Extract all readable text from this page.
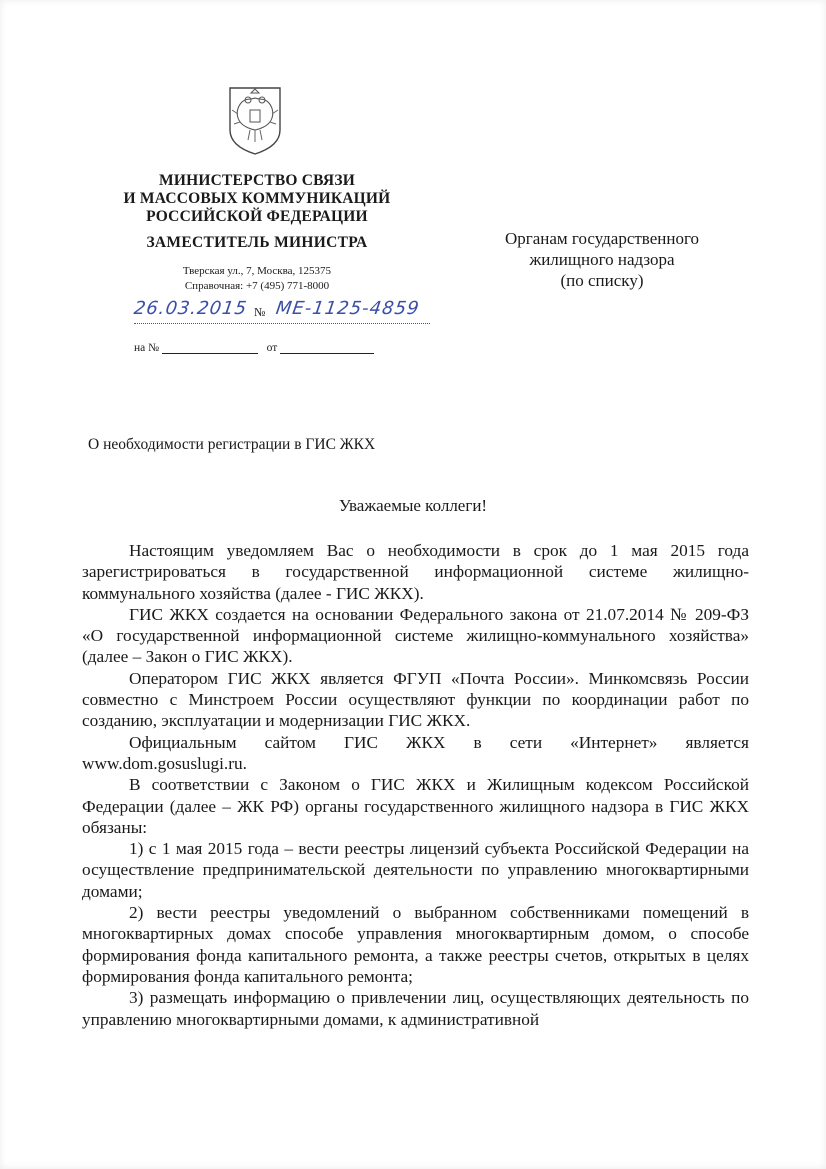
МИНИСТЕРСТВО СВЯЗИ
И МАССОВЫХ КОММУНИКАЦИЙ
РОССИЙСКОЙ ФЕДЕРАЦИИ
ЗАМЕСТИТЕЛЬ МИНИСТРА
Тверская ул., 7, Москва, 125375
Справочная: +7 (495) 771-8000
26.03.2015 № ME-1125-4859
на №	от
Органам государственного
жилищного надзора
(по списку)
О необходимости регистрации в ГИС ЖКХ
Уважаемые коллеги!

Настоящим уведомляем Вас о необходимости в срок до 1 мая 2015 года зарегистрироваться в государственной информационной системе жилищно-коммунального хозяйства (далее - ГИС ЖКХ).

ГИС ЖКХ создается на основании Федерального закона от 21.07.2014 № 209-ФЗ «О государственной информационной системе жилищно-коммунального хозяйства» (далее – Закон о ГИС ЖКХ).

Оператором ГИС ЖКХ является ФГУП «Почта России». Минкомсвязь России совместно с Минстроем России осуществляют функции по координации работ по созданию, эксплуатации и модернизации ГИС ЖКХ.

Официальным сайтом ГИС ЖКХ в сети «Интернет» является www.dom.gosuslugi.ru.

В соответствии с Законом о ГИС ЖКХ и Жилищным кодексом Российской Федерации (далее – ЖК РФ) органы государственного жилищного надзора в ГИС ЖКХ обязаны:

1) с 1 мая 2015 года – вести реестры лицензий субъекта Российской Федерации на осуществление предпринимательской деятельности по управлению многоквартирными домами;

2) вести реестры уведомлений о выбранном собственниками помещений в многоквартирных домах способе управления многоквартирным домом, о способе формирования фонда капитального ремонта, а также реестры счетов, открытых в целях формирования фонда капитального ремонта;

3) размещать информацию о привлечении лиц, осуществляющих деятельность по управлению многоквартирными домами, к административной
